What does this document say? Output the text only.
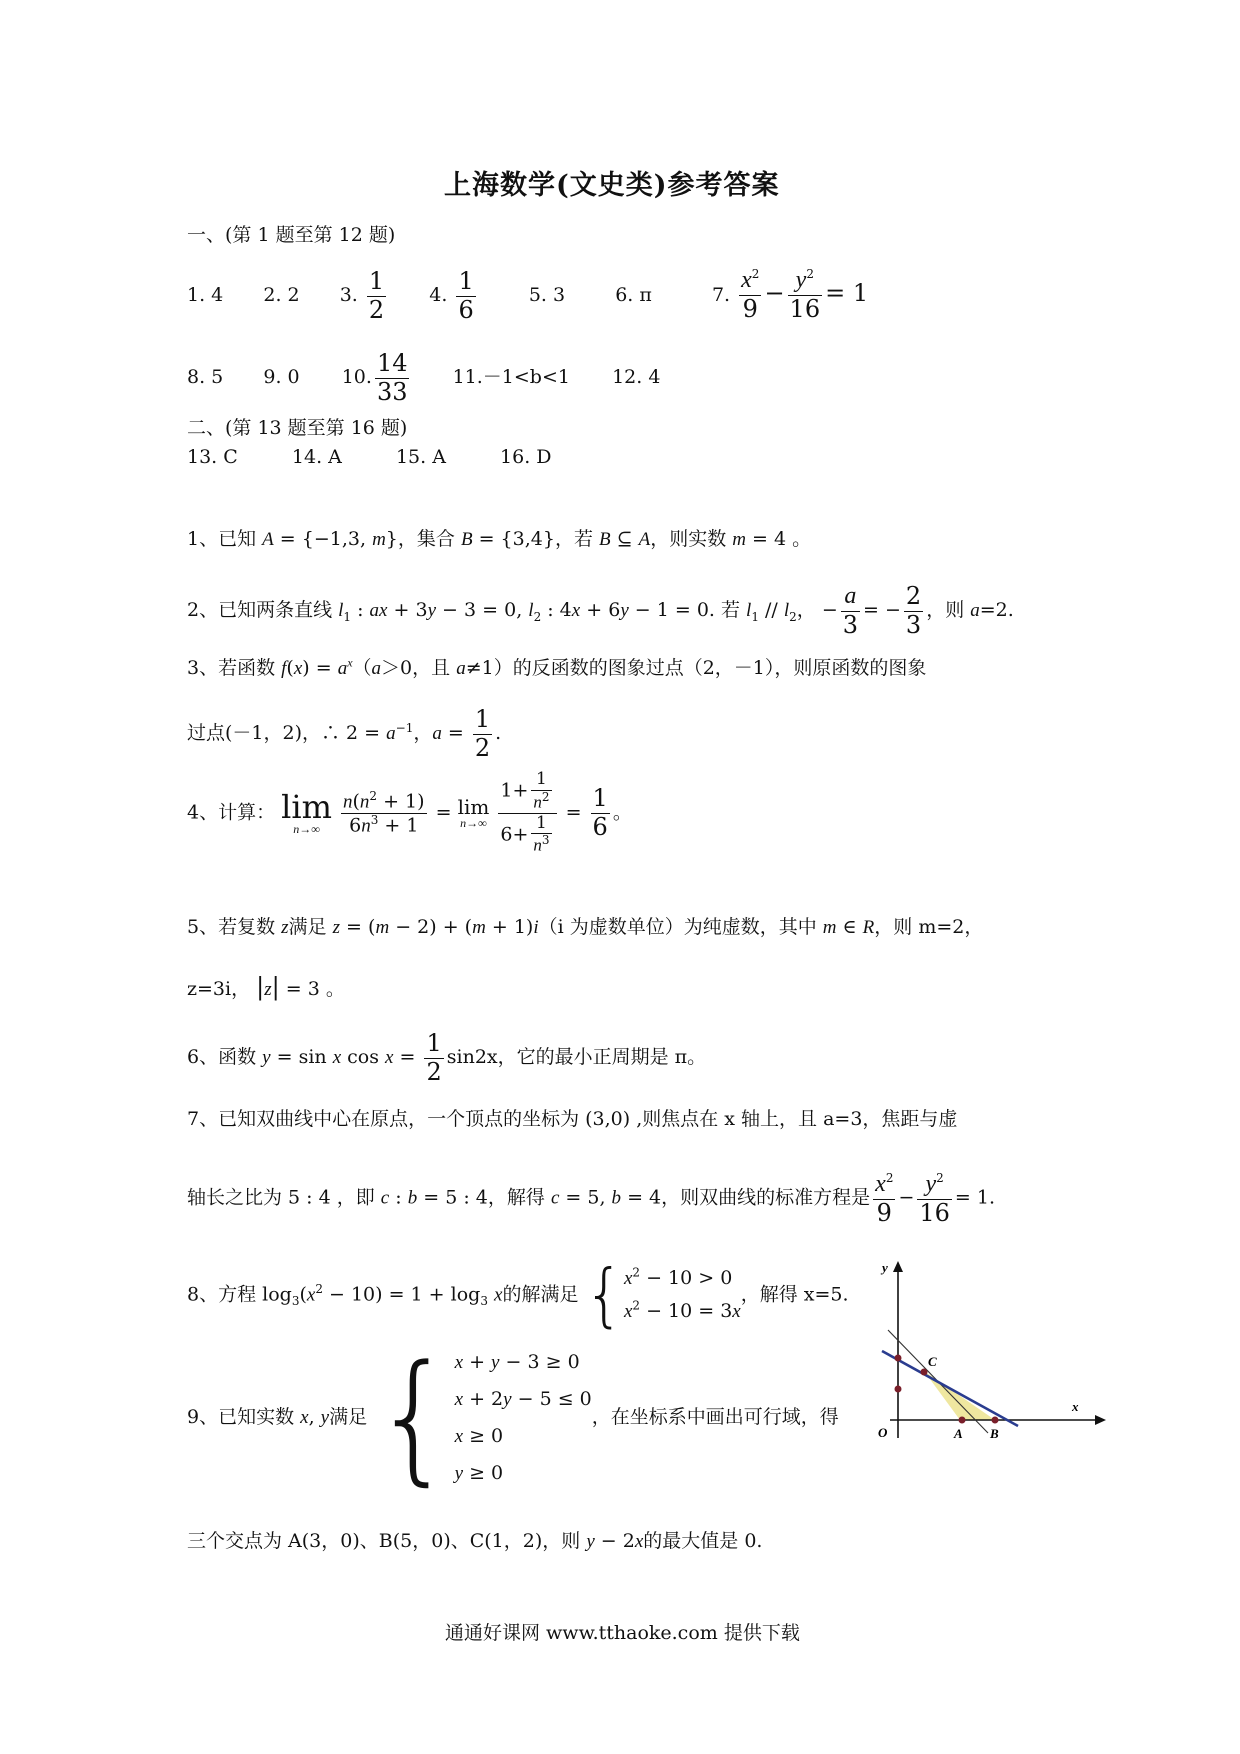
上海数学(文史类)参考答案
一、(第 1 题至第 12 题)
1. 4 2. 2 3. $\frac{1}{2} 4$. $\frac{1}{6}$	5. 3	6. π	7. $\frac{x^2}{9} - \frac{y^2}{16} = 1$
8. 5 9. 0 10. $\frac{14}{33} 11.-1<b<1$ 12. 4
二、(第 13 题至第 16 题)
13. C	14. A	15. A	16. D
1、已知 A = {−1,3, m}，集合 B = {3,4}，若 B ⊆ A，则实数 m = 4 。
2、已知两条直线 $l_1$ : ax + 3y − 3 = 0, $l_2$ : 4x + 6y − 1 = 0. 若 $l_1 // l_2$， − $\frac{a}{3}$ = − $\frac{2}{3}$ ，则 a=2.
3、若函数 $f(x) = a^x(a>0$，且 a≠1）的反函数的图象过点（2，－1），则原函数的图象
过点(－1，2)，∴ $2 = a^{-1}$，$a = \frac{1}{2}$ .
4、计算： lim
n→∞
	$\frac{n(n^2 + 1)}{6n^3 + 1} = \lim$
n→∞
$\frac{1+ \frac{1}{n^2}}{6+ \frac{1}{n^3}} = \frac{1}{6}$ 。
5、若复数 z满足 z = (m − 2) + (m + 1)i（i 为虚数单位）为纯虚数，其中 m ∈ R，则 m=2，
z=3i， |z| = 3 。
6、函数 y = sin x $\cos x = \frac{1}{2} \sin 2x$，它的最小正周期是 π。
7、已知双曲线中心在原点，一个顶点的坐标为 (3,0) ,则焦点在 x 轴上，且 a=3，焦距与虚
轴长之比为 5 : 4 ，即 c : b = 5 : 4，解得 c = 5, b = 4，则双曲线的标准方程是 $\frac{x^2}{9} - \frac{y^2}{16} = 1$.
8、方程 $\log_3(x^2 - 10) = 1 + \log_3 x$的解满足 { $x^2 - 10 > 0$
$x^2 - 10 = 3x$
，解得 x=5.
9、已知实数 x, y满足 { x + y − 3 ≥ 0
x + 2y − 5 ≤ 0
x ≥ 0
y ≥ 0
，在坐标系中画出可行域，得
三个交点为 A(3，0)、B(5，0)、C(1，2)，则 y − 2x的最大值是 0.
y
x
O	A B
C
通通好课网 www.tthaoke.com 提供下载
